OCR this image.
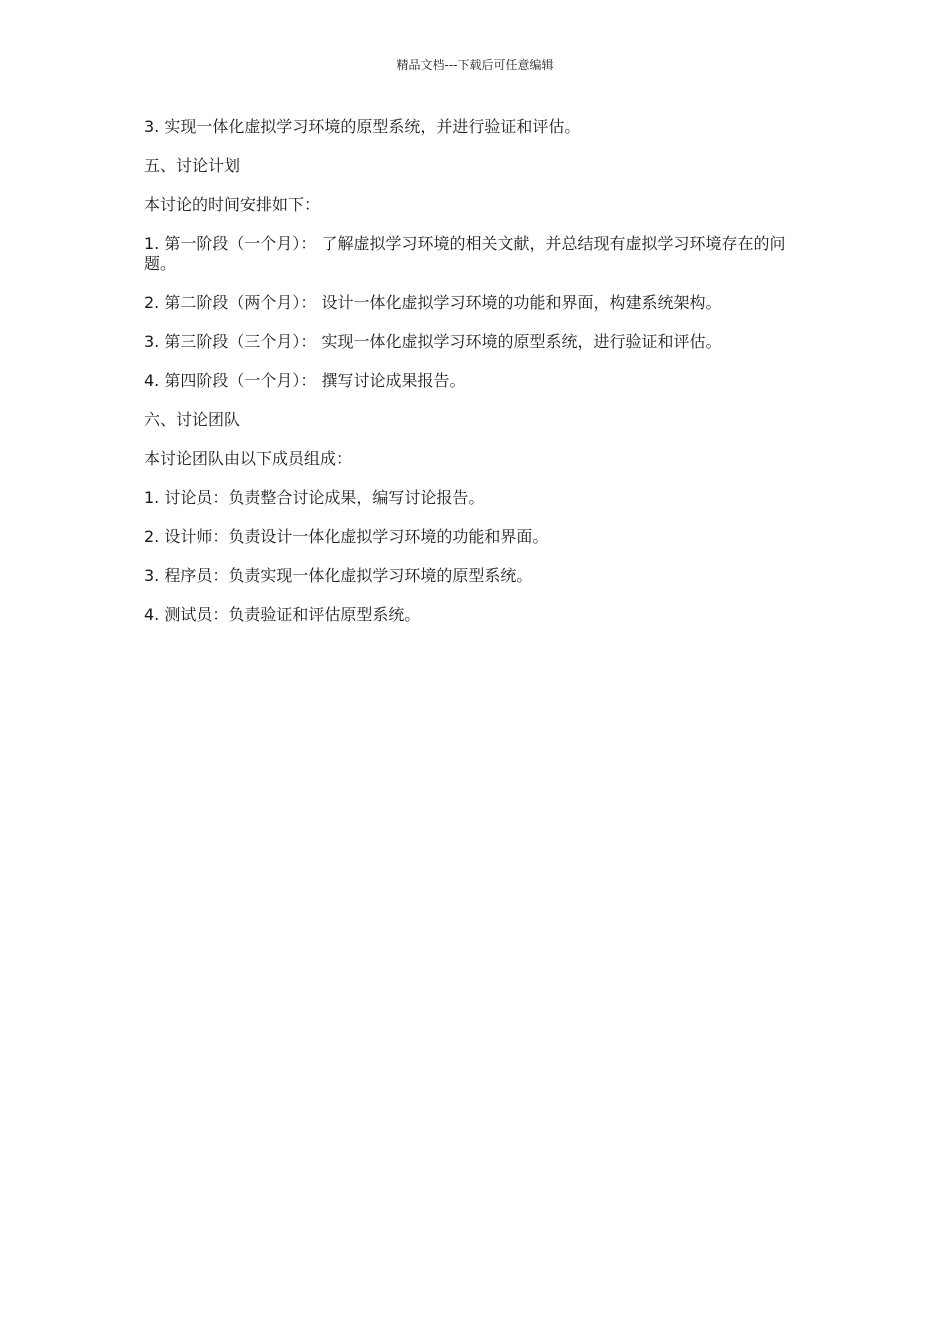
精品文档---下载后可任意编辑

3. 实现一体化虚拟学习环境的原型系统，并进行验证和评估。

五、讨论计划

本讨论的时间安排如下：

1. 第一阶段（一个月）： 了解虚拟学习环境的相关文献，并总结现有虚拟学习环境存在的问题。

2. 第二阶段（两个月）： 设计一体化虚拟学习环境的功能和界面，构建系统架构。

3. 第三阶段（三个月）： 实现一体化虚拟学习环境的原型系统，进行验证和评估。

4. 第四阶段（一个月）： 撰写讨论成果报告。

六、讨论团队

本讨论团队由以下成员组成：

1. 讨论员：负责整合讨论成果，编写讨论报告。

2. 设计师：负责设计一体化虚拟学习环境的功能和界面。

3. 程序员：负责实现一体化虚拟学习环境的原型系统。

4. 测试员：负责验证和评估原型系统。
